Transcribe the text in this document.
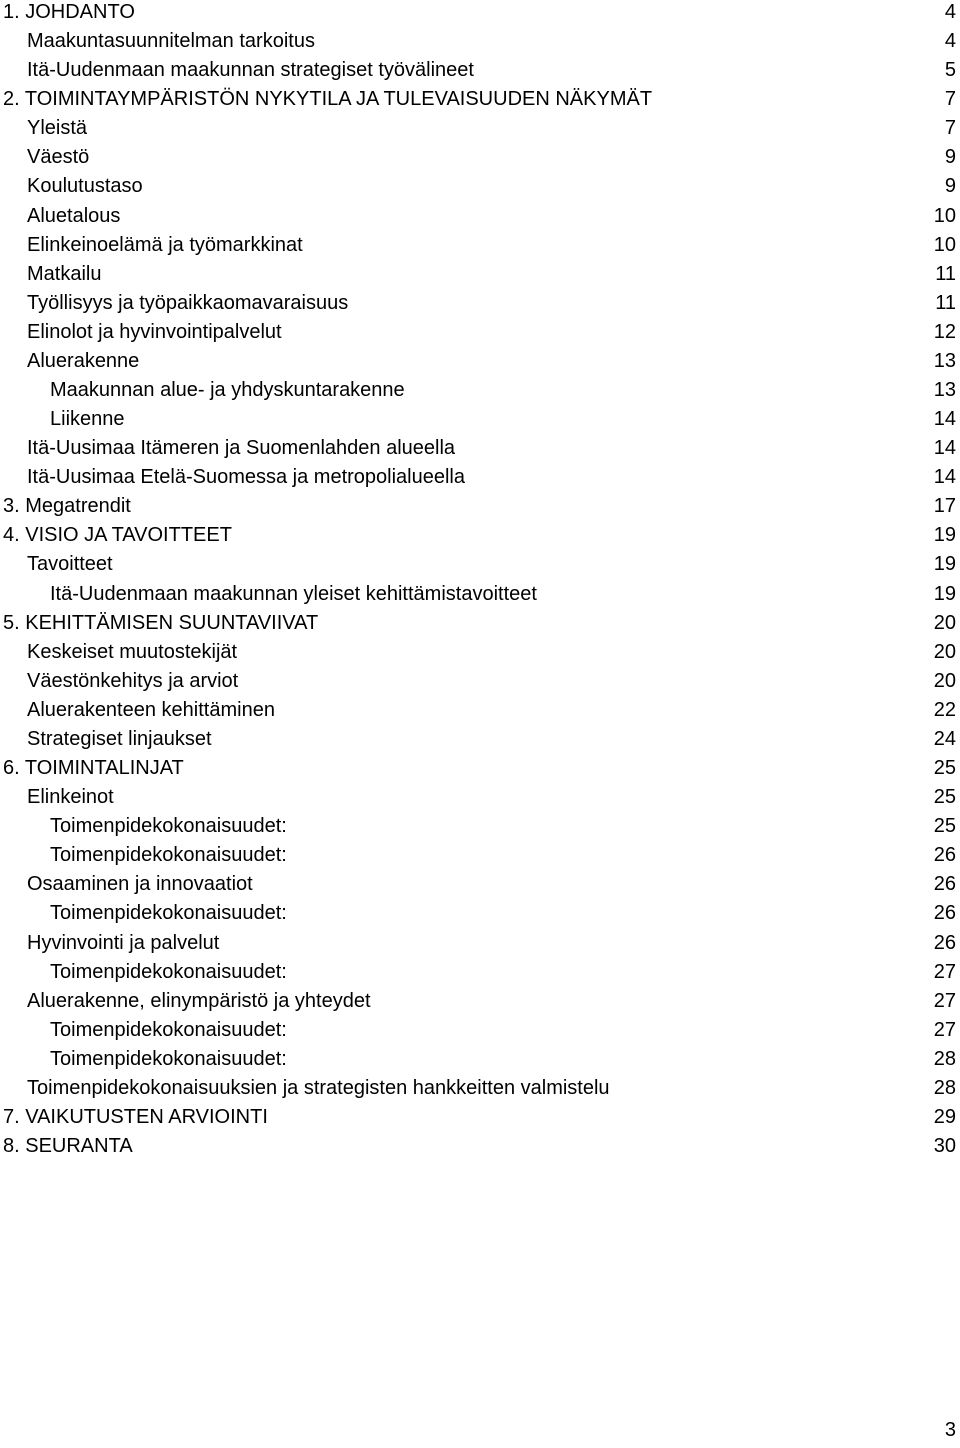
1. JOHDANTO	4
Maakuntasuunnitelman tarkoitus	4
Itä-Uudenmaan maakunnan strategiset työvälineet	5
2. TOIMINTAYMPÄRISTÖN NYKYTILA JA TULEVAISUUDEN NÄKYMÄT	7
Yleistä	7
Väestö	9
Koulutustaso	9
Aluetalous	10
Elinkeinoelämä ja työmarkkinat	10
Matkailu	11
Työllisyys ja työpaikkaomavaraisuus	11
Elinolot ja hyvinvointipalvelut	12
Aluerakenne	13
Maakunnan alue- ja yhdyskuntarakenne	13
Liikenne	14
Itä-Uusimaa Itämeren ja Suomenlahden alueella	14
Itä-Uusimaa Etelä-Suomessa ja metropolialueella	14
3. Megatrendit	17
4. VISIO JA TAVOITTEET	19
Tavoitteet	19
Itä-Uudenmaan maakunnan yleiset kehittämistavoitteet	19
5. KEHITTÄMISEN SUUNTAVIIVAT	20
Keskeiset muutostekijät	20
Väestönkehitys ja arviot	20
Aluerakenteen kehittäminen	22
Strategiset linjaukset	24
6. TOIMINTALINJAT	25
Elinkeinot	25
Toimenpidekokonaisuudet:	25
Toimenpidekokonaisuudet:	26
Osaaminen ja innovaatiot	26
Toimenpidekokonaisuudet:	26
Hyvinvointi ja palvelut	26
Toimenpidekokonaisuudet:	27
Aluerakenne, elinympäristö ja yhteydet	27
Toimenpidekokonaisuudet:	27
Toimenpidekokonaisuudet:	28
Toimenpidekokonaisuuksien ja strategisten hankkeitten valmistelu	28
7. VAIKUTUSTEN ARVIOINTI	29
8. SEURANTA	30
3
